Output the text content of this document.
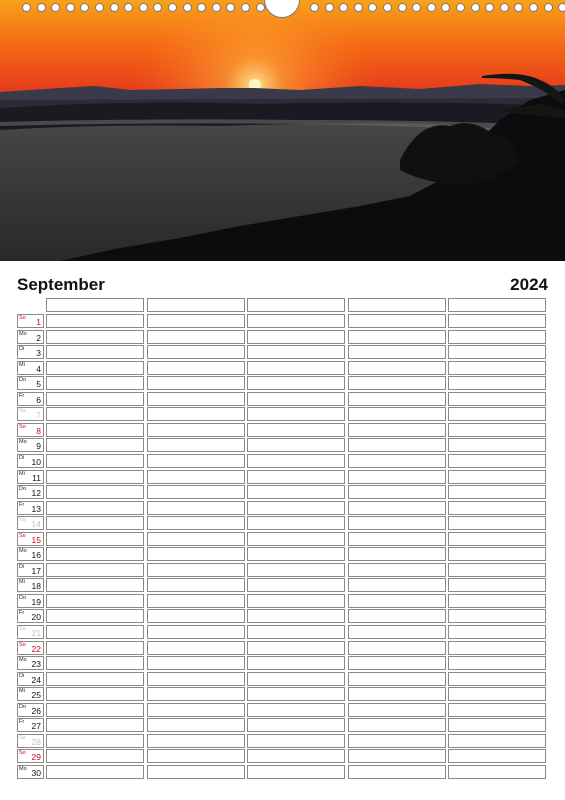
September	2024
So 1
Mo 2
Di 3
Mi 4
Do 5
Fr 6
Sa 7
So 8
Mo 9
Di 10
Mi 11
Do 12
Fr 13
Sa 14
So 15
Mo 16
Di 17
Mi 18
Do 19
Fr 20
Sa 21
So 22
Mo 23
Di 24
Mi 25
Do 26
Fr 27
Sa 28
So 29
Mo 30
